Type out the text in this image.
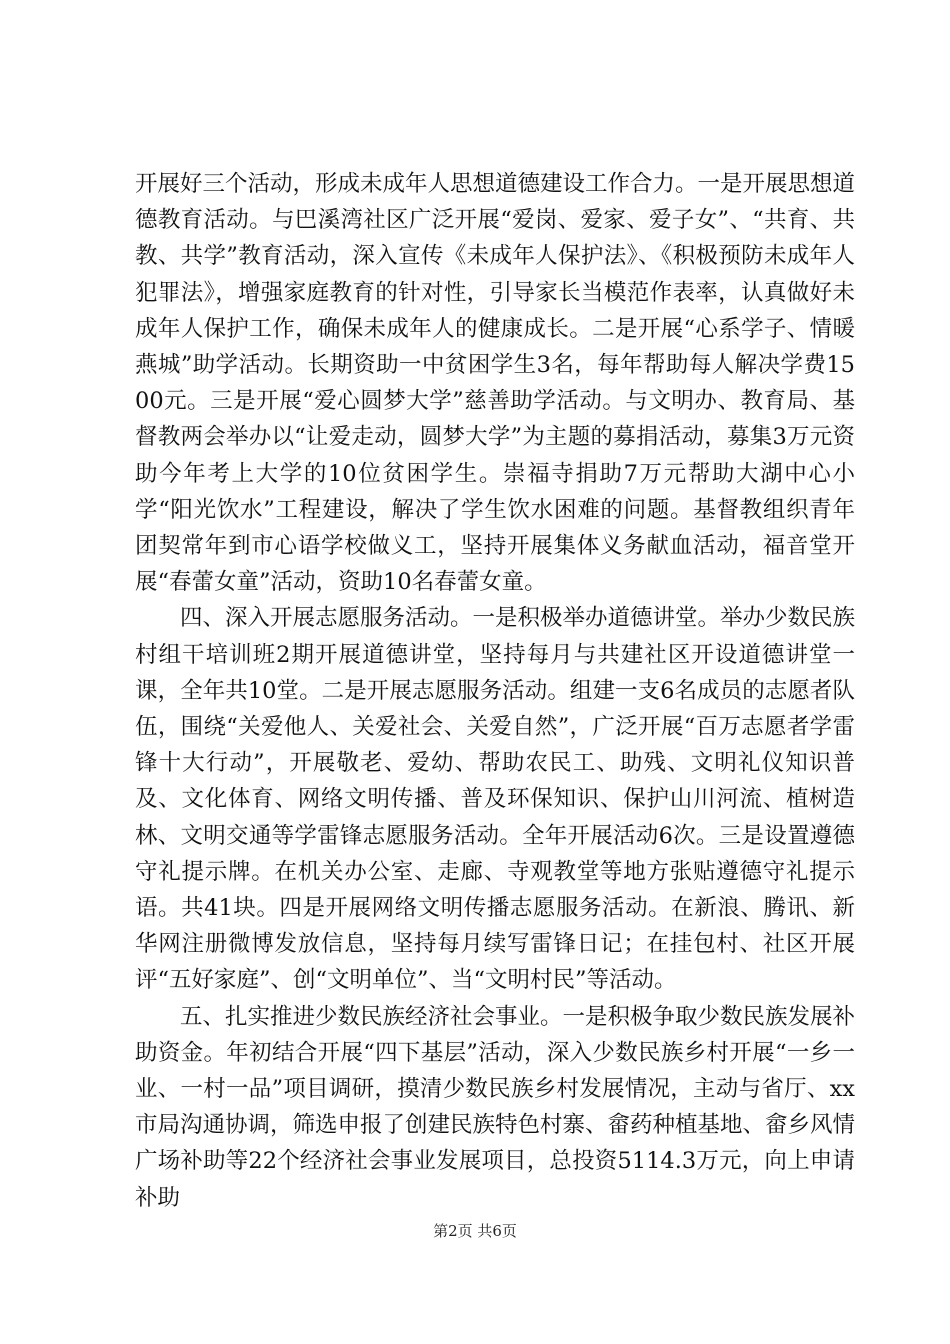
开展好三个活动，形成未成年人思想道德建设工作合力。一是开展思想道德教育活动。与巴溪湾社区广泛开展“爱岗、爱家、爱子女”、“共育、共教、共学”教育活动，深入宣传《未成年人保护法》、《积极预防未成年人犯罪法》，增强家庭教育的针对性，引导家长当模范作表率，认真做好未成年人保护工作，确保未成年人的健康成长。二是开展“心系学子、情暖燕城”助学活动。长期资助一中贫困学生3名，每年帮助每人解决学费1500元。三是开展“爱心圆梦大学”慈善助学活动。与文明办、教育局、基督教两会举办以“让爱走动，圆梦大学”为主题的募捐活动，募集3万元资助今年考上大学的10位贫困学生。崇福寺捐助7万元帮助大湖中心小学“阳光饮水”工程建设，解决了学生饮水困难的问题。基督教组织青年团契常年到市心语学校做义工，坚持开展集体义务献血活动，福音堂开展“春蕾女童”活动，资助10名春蕾女童。

四、深入开展志愿服务活动。一是积极举办道德讲堂。举办少数民族村组干培训班2期开展道德讲堂，坚持每月与共建社区开设道德讲堂一课，全年共10堂。二是开展志愿服务活动。组建一支6名成员的志愿者队伍，围绕“关爱他人、关爱社会、关爱自然”，广泛开展“百万志愿者学雷锋十大行动”，开展敬老、爱幼、帮助农民工、助残、文明礼仪知识普及、文化体育、网络文明传播、普及环保知识、保护山川河流、植树造林、文明交通等学雷锋志愿服务活动。全年开展活动6次。三是设置遵德守礼提示牌。在机关办公室、走廊、寺观教堂等地方张贴遵德守礼提示语。共41块。四是开展网络文明传播志愿服务活动。在新浪、腾讯、新华网注册微博发放信息，坚持每月续写雷锋日记；在挂包村、社区开展评“五好家庭”、创“文明单位”、当“文明村民”等活动。

五、扎实推进少数民族经济社会事业。一是积极争取少数民族发展补助资金。年初结合开展“四下基层”活动，深入少数民族乡村开展“一乡一业、一村一品”项目调研，摸清少数民族乡村发展情况，主动与省厅、xx市局沟通协调，筛选申报了创建民族特色村寨、畲药种植基地、畲乡风情广场补助等22个经济社会事业发展项目，总投资5114.3万元，向上申请补助

第2页 共6页
